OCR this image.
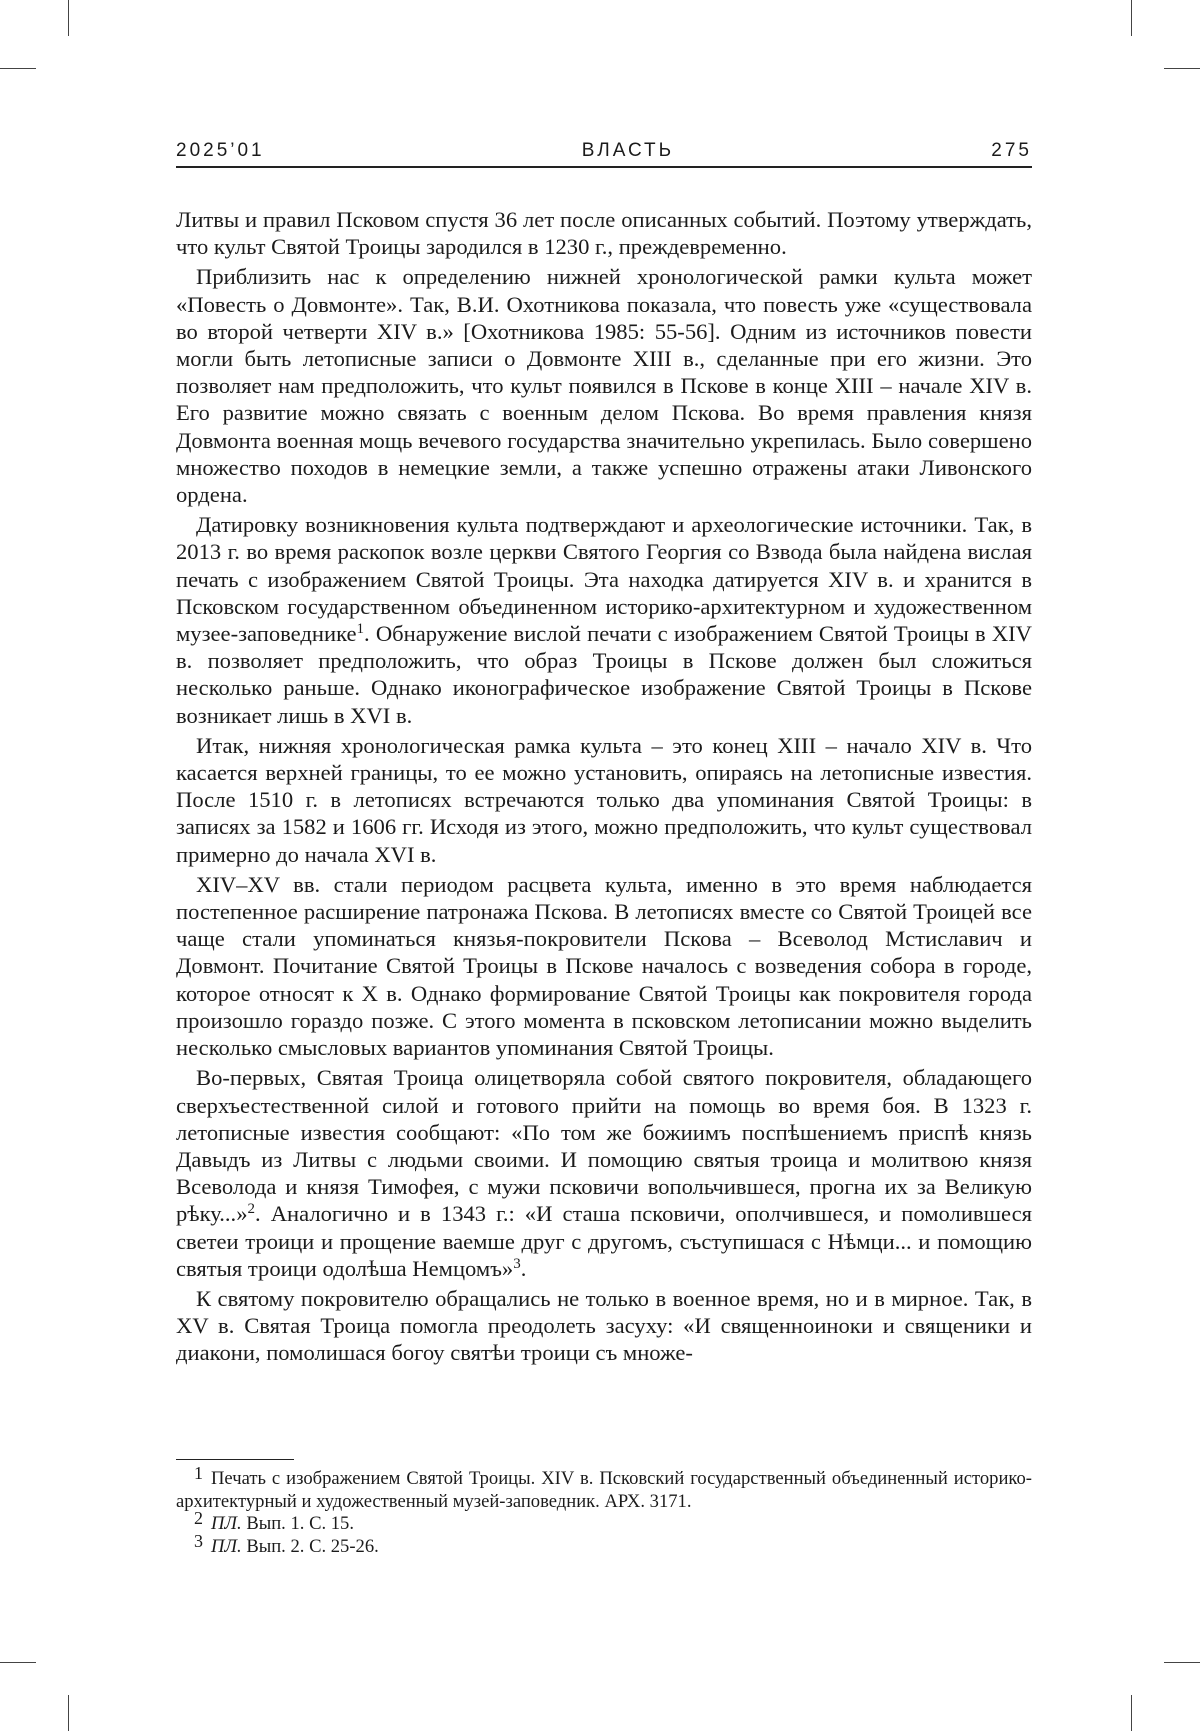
2025’01	ВЛАСТЬ	275

Литвы и правил Псковом спустя 36 лет после описанных событий. Поэтому утверждать, что культ Святой Троицы зародился в 1230 г., преждевременно.

Приблизить нас к определению нижней хронологической рамки культа может «Повесть о Довмонте». Так, В.И. Охотникова показала, что повесть уже «существовала во второй четверти XIV в.» [Охотникова 1985: 55-56]. Одним из источников повести могли быть летописные записи о Довмонте XIII в., сделанные при его жизни. Это позволяет нам предположить, что культ появился в Пскове в конце XIII – начале XIV в. Его развитие можно связать с военным делом Пскова. Во время правления князя Довмонта военная мощь вечевого государства значительно укрепилась. Было совершено множество походов в немецкие земли, а также успешно отражены атаки Ливонского ордена.

Датировку возникновения культа подтверждают и археологические источники. Так, в 2013 г. во время раскопок возле церкви Святого Георгия со Взвода была найдена вислая печать с изображением Святой Троицы. Эта находка датируется XIV в. и хранится в Псковском государственном объединенном историко-архитектурном и художественном музее-заповеднике1. Обнаружение вислой печати с изображением Святой Троицы в XIV в. позволяет предположить, что образ Троицы в Пскове должен был сложиться несколько раньше. Однако иконографическое изображение Святой Троицы в Пскове возникает лишь в XVI в.

Итак, нижняя хронологическая рамка культа – это конец XIII – начало XIV в. Что касается верхней границы, то ее можно установить, опираясь на летописные известия. После 1510 г. в летописях встречаются только два упоминания Святой Троицы: в записях за 1582 и 1606 гг. Исходя из этого, можно предположить, что культ существовал примерно до начала XVI в.

XIV–XV вв. стали периодом расцвета культа, именно в это время наблюдается постепенное расширение патронажа Пскова. В летописях вместе со Святой Троицей все чаще стали упоминаться князья-покровители Пскова – Всеволод Мстиславич и Довмонт. Почитание Святой Троицы в Пскове началось с возведения собора в городе, которое относят к X в. Однако формирование Святой Троицы как покровителя города произошло гораздо позже. С этого момента в псковском летописании можно выделить несколько смысловых вариантов упоминания Святой Троицы.

Во-первых, Святая Троица олицетворяла собой святого покровителя, обладающего сверхъестественной силой и готового прийти на помощь во время боя. В 1323 г. летописные известия сообщают: «По том же божиимъ поспѣшениемъ приспѣ князь Давыдъ из Литвы с людьми своими. И помощию святыя троица и молитвою князя Всеволода и князя Тимофея, с мужи псковичи вопольчившеся, прогна их за Великую рѣку...»2. Аналогично и в 1343 г.: «И сташа псковичи, ополчившеся, и помолившеся светеи троици и прощение ваемше друг с другомъ, съступишася с Нѣмци... и помощию святыя троици одолѣша Немцомъ»3.

К святому покровителю обращались не только в военное время, но и в мирное. Так, в XV в. Святая Троица помогла преодолеть засуху: «И священноиноки и священики и диакони, помолишася богоу святѣи троици съ множе-

1 Печать с изображением Святой Троицы. XIV в. Псковский государственный объединенный историко-архитектурный и художественный музей-заповедник. АРХ. 3171.

2 ПЛ. Вып. 1. С. 15.

3 ПЛ. Вып. 2. С. 25-26.
